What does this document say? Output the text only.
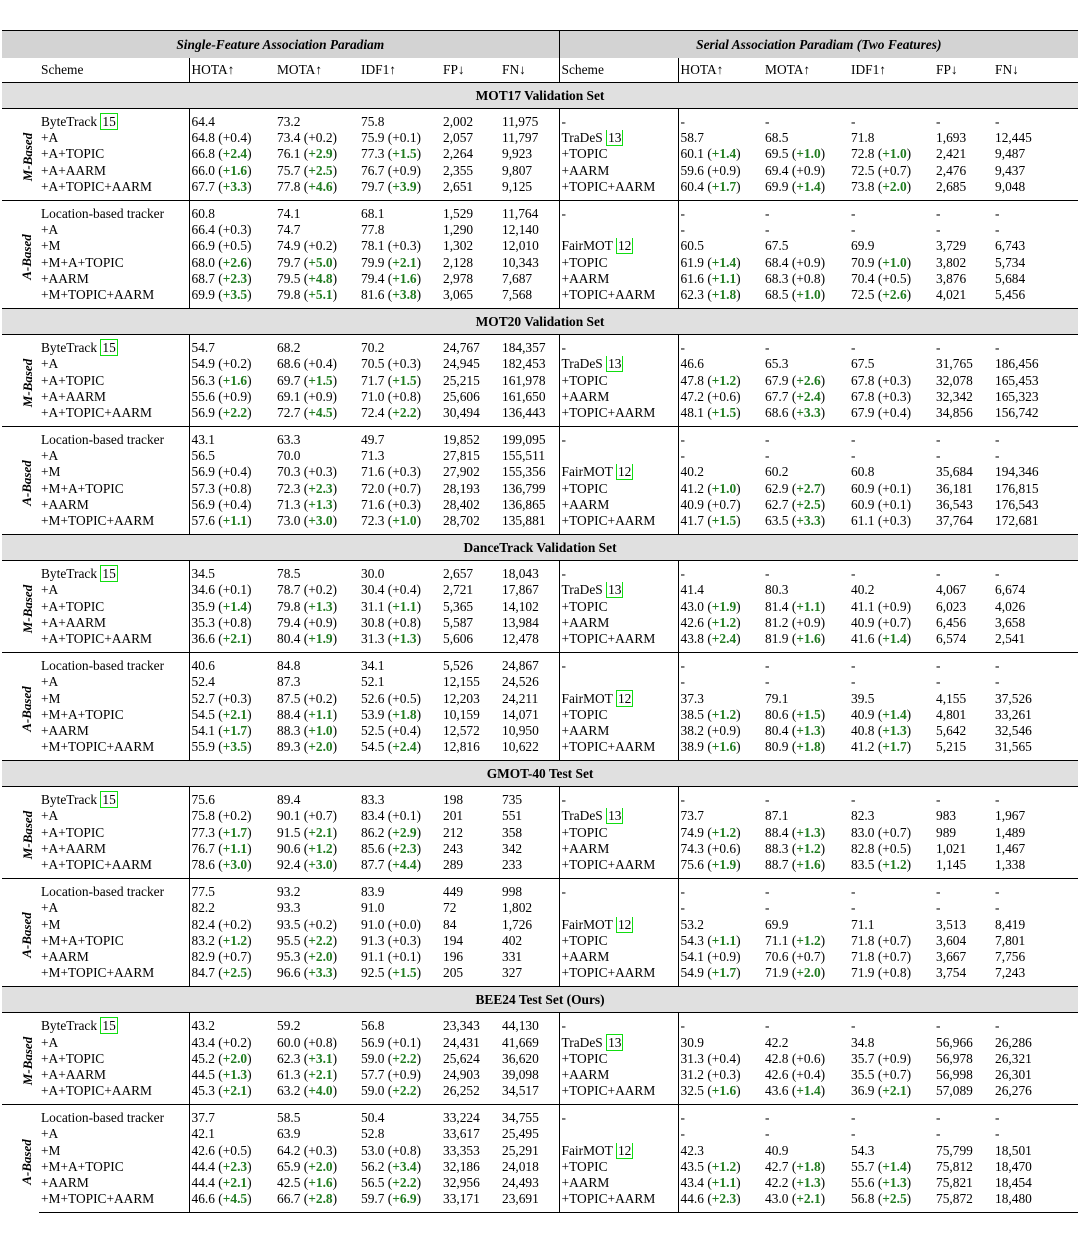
Single-Feature Association Paradiam							Serial Association Paradiam (Two Features)					
	Scheme	HOTA↑	MOTA↑	IDF1↑	FP↓	FN↓	Scheme	HOTA↑	MOTA↑	IDF1↑	FP↓	FN↓
MOT17 Validation Set												
M-Based	ByteTrack 15	64.4	73.2	75.8	2,002	11,975	-	-	-	-	-	-
	+A	64.8 (+0.4)	73.4 (+0.2)	75.9 (+0.1)	2,057	11,797	TraDeS 13	58.7	68.5	71.8	1,693	12,445
	+A+TOPIC	66.8 (+2.4)	76.1 (+2.9)	77.3 (+1.5)	2,264	9,923	+TOPIC	60.1 (+1.4)	69.5 (+1.0)	72.8 (+1.0)	2,421	9,487
	+A+AARM	66.0 (+1.6)	75.7 (+2.5)	76.7 (+0.9)	2,355	9,807	+AARM	59.6 (+0.9)	69.4 (+0.9)	72.5 (+0.7)	2,476	9,437
	+A+TOPIC+AARM	67.7 (+3.3)	77.8 (+4.6)	79.7 (+3.9)	2,651	9,125	+TOPIC+AARM	60.4 (+1.7)	69.9 (+1.4)	73.8 (+2.0)	2,685	9,048
A-Based	Location-based tracker	60.8	74.1	68.1	1,529	11,764	-	-	-	-	-	-
	+A	66.4 (+0.3)	74.7	77.8	1,290	12,140		-	-	-	-	-
	+M	66.9 (+0.5)	74.9 (+0.2)	78.1 (+0.3)	1,302	12,010	FairMOT 12	60.5	67.5	69.9	3,729	6,743
	+M+A+TOPIC	68.0 (+2.6)	79.7 (+5.0)	79.9 (+2.1)	2,128	10,343	+TOPIC	61.9 (+1.4)	68.4 (+0.9)	70.9 (+1.0)	3,802	5,734
	+AARM	68.7 (+2.3)	79.5 (+4.8)	79.4 (+1.6)	2,978	7,687	+AARM	61.6 (+1.1)	68.3 (+0.8)	70.4 (+0.5)	3,876	5,684
	+M+TOPIC+AARM	69.9 (+3.5)	79.8 (+5.1)	81.6 (+3.8)	3,065	7,568	+TOPIC+AARM	62.3 (+1.8)	68.5 (+1.0)	72.5 (+2.6)	4,021	5,456
MOT20 Validation Set												
M-Based	ByteTrack 15	54.7	68.2	70.2	24,767	184,357	-	-	-	-	-	-
	+A	54.9 (+0.2)	68.6 (+0.4)	70.5 (+0.3)	24,945	182,453	TraDeS 13	46.6	65.3	67.5	31,765	186,456
	+A+TOPIC	56.3 (+1.6)	69.7 (+1.5)	71.7 (+1.5)	25,215	161,978	+TOPIC	47.8 (+1.2)	67.9 (+2.6)	67.8 (+0.3)	32,078	165,453
	+A+AARM	55.6 (+0.9)	69.1 (+0.9)	71.0 (+0.8)	25,606	161,650	+AARM	47.2 (+0.6)	67.7 (+2.4)	67.8 (+0.3)	32,342	165,323
	+A+TOPIC+AARM	56.9 (+2.2)	72.7 (+4.5)	72.4 (+2.2)	30,494	136,443	+TOPIC+AARM	48.1 (+1.5)	68.6 (+3.3)	67.9 (+0.4)	34,856	156,742
A-Based	Location-based tracker	43.1	63.3	49.7	19,852	199,095	-	-	-	-	-	-
	+A	56.5	70.0	71.3	27,815	155,511		-	-	-	-	-
	+M	56.9 (+0.4)	70.3 (+0.3)	71.6 (+0.3)	27,902	155,356	FairMOT 12	40.2	60.2	60.8	35,684	194,346
	+M+A+TOPIC	57.3 (+0.8)	72.3 (+2.3)	72.0 (+0.7)	28,193	136,799	+TOPIC	41.2 (+1.0)	62.9 (+2.7)	60.9 (+0.1)	36,181	176,815
	+AARM	56.9 (+0.4)	71.3 (+1.3)	71.6 (+0.3)	28,402	136,865	+AARM	40.9 (+0.7)	62.7 (+2.5)	60.9 (+0.1)	36,543	176,543
	+M+TOPIC+AARM	57.6 (+1.1)	73.0 (+3.0)	72.3 (+1.0)	28,702	135,881	+TOPIC+AARM	41.7 (+1.5)	63.5 (+3.3)	61.1 (+0.3)	37,764	172,681
DanceTrack Validation Set												
M-Based	ByteTrack 15	34.5	78.5	30.0	2,657	18,043	-	-	-	-	-	-
	+A	34.6 (+0.1)	78.7 (+0.2)	30.4 (+0.4)	2,721	17,867	TraDeS 13	41.4	80.3	40.2	4,067	6,674
	+A+TOPIC	35.9 (+1.4)	79.8 (+1.3)	31.1 (+1.1)	5,365	14,102	+TOPIC	43.0 (+1.9)	81.4 (+1.1)	41.1 (+0.9)	6,023	4,026
	+A+AARM	35.3 (+0.8)	79.4 (+0.9)	30.8 (+0.8)	5,587	13,984	+AARM	42.6 (+1.2)	81.2 (+0.9)	40.9 (+0.7)	6,456	3,658
	+A+TOPIC+AARM	36.6 (+2.1)	80.4 (+1.9)	31.3 (+1.3)	5,606	12,478	+TOPIC+AARM	43.8 (+2.4)	81.9 (+1.6)	41.6 (+1.4)	6,574	2,541
A-Based	Location-based tracker	40.6	84.8	34.1	5,526	24,867	-	-	-	-	-	-
	+A	52.4	87.3	52.1	12,155	24,526		-	-	-	-	-
	+M	52.7 (+0.3)	87.5 (+0.2)	52.6 (+0.5)	12,203	24,211	FairMOT 12	37.3	79.1	39.5	4,155	37,526
	+M+A+TOPIC	54.5 (+2.1)	88.4 (+1.1)	53.9 (+1.8)	10,159	14,071	+TOPIC	38.5 (+1.2)	80.6 (+1.5)	40.9 (+1.4)	4,801	33,261
	+AARM	54.1 (+1.7)	88.3 (+1.0)	52.5 (+0.4)	12,572	10,950	+AARM	38.2 (+0.9)	80.4 (+1.3)	40.8 (+1.3)	5,642	32,546
	+M+TOPIC+AARM	55.9 (+3.5)	89.3 (+2.0)	54.5 (+2.4)	12,816	10,622	+TOPIC+AARM	38.9 (+1.6)	80.9 (+1.8)	41.2 (+1.7)	5,215	31,565
GMOT-40 Test Set												
M-Based	ByteTrack 15	75.6	89.4	83.3	198	735	-	-	-	-	-	-
	+A	75.8 (+0.2)	90.1 (+0.7)	83.4 (+0.1)	201	551	TraDeS 13	73.7	87.1	82.3	983	1,967
	+A+TOPIC	77.3 (+1.7)	91.5 (+2.1)	86.2 (+2.9)	212	358	+TOPIC	74.9 (+1.2)	88.4 (+1.3)	83.0 (+0.7)	989	1,489
	+A+AARM	76.7 (+1.1)	90.6 (+1.2)	85.6 (+2.3)	243	342	+AARM	74.3 (+0.6)	88.3 (+1.2)	82.8 (+0.5)	1,021	1,467
	+A+TOPIC+AARM	78.6 (+3.0)	92.4 (+3.0)	87.7 (+4.4)	289	233	+TOPIC+AARM	75.6 (+1.9)	88.7 (+1.6)	83.5 (+1.2)	1,145	1,338
A-Based	Location-based tracker	77.5	93.2	83.9	449	998	-	-	-	-	-	-
	+A	82.2	93.3	91.0	72	1,802		-	-	-	-	-
	+M	82.4 (+0.2)	93.5 (+0.2)	91.0 (+0.0)	84	1,726	FairMOT 12	53.2	69.9	71.1	3,513	8,419
	+M+A+TOPIC	83.2 (+1.2)	95.5 (+2.2)	91.3 (+0.3)	194	402	+TOPIC	54.3 (+1.1)	71.1 (+1.2)	71.8 (+0.7)	3,604	7,801
	+AARM	82.9 (+0.7)	95.3 (+2.0)	91.1 (+0.1)	196	331	+AARM	54.1 (+0.9)	70.6 (+0.7)	71.8 (+0.7)	3,667	7,756
	+M+TOPIC+AARM	84.7 (+2.5)	96.6 (+3.3)	92.5 (+1.5)	205	327	+TOPIC+AARM	54.9 (+1.7)	71.9 (+2.0)	71.9 (+0.8)	3,754	7,243
BEE24 Test Set (Ours)												
M-Based	ByteTrack 15	43.2	59.2	56.8	23,343	44,130	-	-	-	-	-	-
	+A	43.4 (+0.2)	60.0 (+0.8)	56.9 (+0.1)	24,431	41,669	TraDeS 13	30.9	42.2	34.8	56,966	26,286
	+A+TOPIC	45.2 (+2.0)	62.3 (+3.1)	59.0 (+2.2)	25,624	36,620	+TOPIC	31.3 (+0.4)	42.8 (+0.6)	35.7 (+0.9)	56,978	26,321
	+A+AARM	44.5 (+1.3)	61.3 (+2.1)	57.7 (+0.9)	24,903	39,098	+AARM	31.2 (+0.3)	42.6 (+0.4)	35.5 (+0.7)	56,998	26,301
	+A+TOPIC+AARM	45.3 (+2.1)	63.2 (+4.0)	59.0 (+2.2)	26,252	34,517	+TOPIC+AARM	32.5 (+1.6)	43.6 (+1.4)	36.9 (+2.1)	57,089	26,276
A-Based	Location-based tracker	37.7	58.5	50.4	33,224	34,755	-	-	-	-	-	-
	+A	42.1	63.9	52.8	33,617	25,495		-	-	-	-	-
	+M	42.6 (+0.5)	64.2 (+0.3)	53.0 (+0.8)	33,353	25,291	FairMOT 12	42.3	40.9	54.3	75,799	18,501
	+M+A+TOPIC	44.4 (+2.3)	65.9 (+2.0)	56.2 (+3.4)	32,186	24,018	+TOPIC	43.5 (+1.2)	42.7 (+1.8)	55.7 (+1.4)	75,812	18,470
	+AARM	44.4 (+2.1)	42.5 (+1.6)	56.5 (+2.2)	32,956	24,493	+AARM	43.4 (+1.1)	42.2 (+1.3)	55.6 (+1.3)	75,821	18,454
	+M+TOPIC+AARM	46.6 (+4.5)	66.7 (+2.8)	59.7 (+6.9)	33,171	23,691	+TOPIC+AARM	44.6 (+2.3)	43.0 (+2.1)	56.8 (+2.5)	75,872	18,480
